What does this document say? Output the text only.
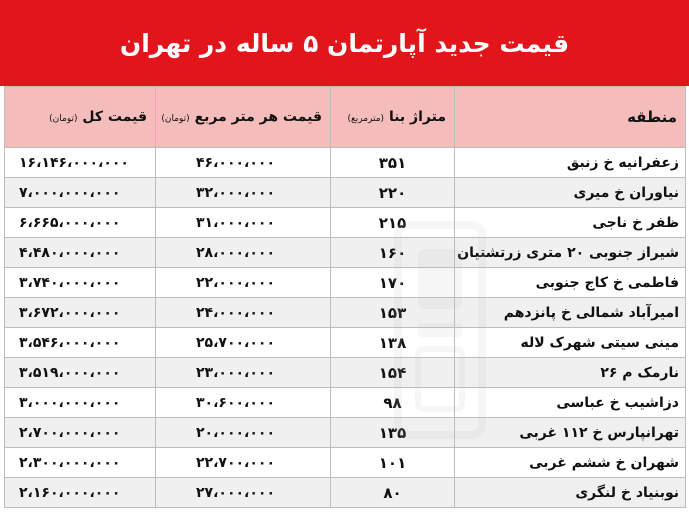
قیمت جدید آپارتمان ۵ ساله در تهران
منطقه	متراژ بنا (مترمربع)	قیمت هر متر مربع (تومان)	قیمت کل (تومان)
زعفرانیه خ زنبق	۳۵۱	۴۶،۰۰۰،۰۰۰	۱۶،۱۴۶،۰۰۰،۰۰۰
نیاوران خ میری	۲۲۰	۳۲،۰۰۰،۰۰۰	۷،۰۰۰،۰۰۰،۰۰۰
ظفر خ ناجی	۲۱۵	۳۱،۰۰۰،۰۰۰	۶،۶۶۵،۰۰۰،۰۰۰
شیراز جنوبی ۲۰ متری زرتشتیان	۱۶۰	۲۸،۰۰۰،۰۰۰	۴،۴۸۰،۰۰۰،۰۰۰
فاطمی خ کاج جنوبی	۱۷۰	۲۲،۰۰۰،۰۰۰	۳،۷۴۰،۰۰۰،۰۰۰
امیرآباد شمالی خ پانزدهم	۱۵۳	۲۴،۰۰۰،۰۰۰	۳،۶۷۲،۰۰۰،۰۰۰
مینی سیتی شهرک لاله	۱۳۸	۲۵،۷۰۰،۰۰۰	۳،۵۴۶،۰۰۰،۰۰۰
نارمک م ۲۶	۱۵۴	۲۳،۰۰۰،۰۰۰	۳،۵۱۹،۰۰۰،۰۰۰
دزاشیب خ عباسی	۹۸	۳۰،۶۰۰،۰۰۰	۳،۰۰۰،۰۰۰،۰۰۰
تهرانپارس خ ۱۱۲ غربی	۱۳۵	۲۰،۰۰۰،۰۰۰	۲،۷۰۰،۰۰۰،۰۰۰
شهران خ ششم غربی	۱۰۱	۲۲،۷۰۰،۰۰۰	۲،۳۰۰،۰۰۰،۰۰۰
نوبنیاد خ لنگری	۸۰	۲۷،۰۰۰،۰۰۰	۲،۱۶۰،۰۰۰،۰۰۰
